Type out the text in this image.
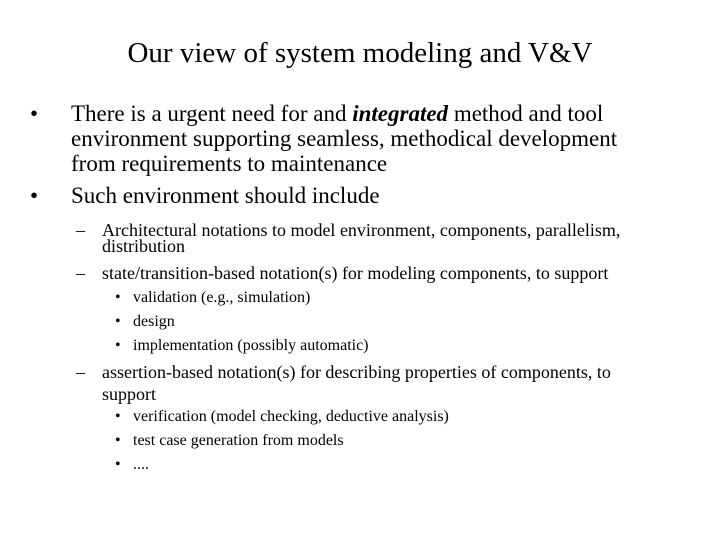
Our view of system modeling and V&V
• There is a urgent need for and integrated method and tool
environment supporting seamless, methodical development
from requirements to maintenance
• Such environment should include
– Architectural notations to model environment, components, parallelism,
distribution
– state/transition-based notation(s) for modeling components, to support
• validation (e.g., simulation)
• design
• implementation (possibly automatic)
– assertion-based notation(s) for describing properties of components, to
support
• verification (model checking, deductive analysis)
• test case generation from models
• ....
